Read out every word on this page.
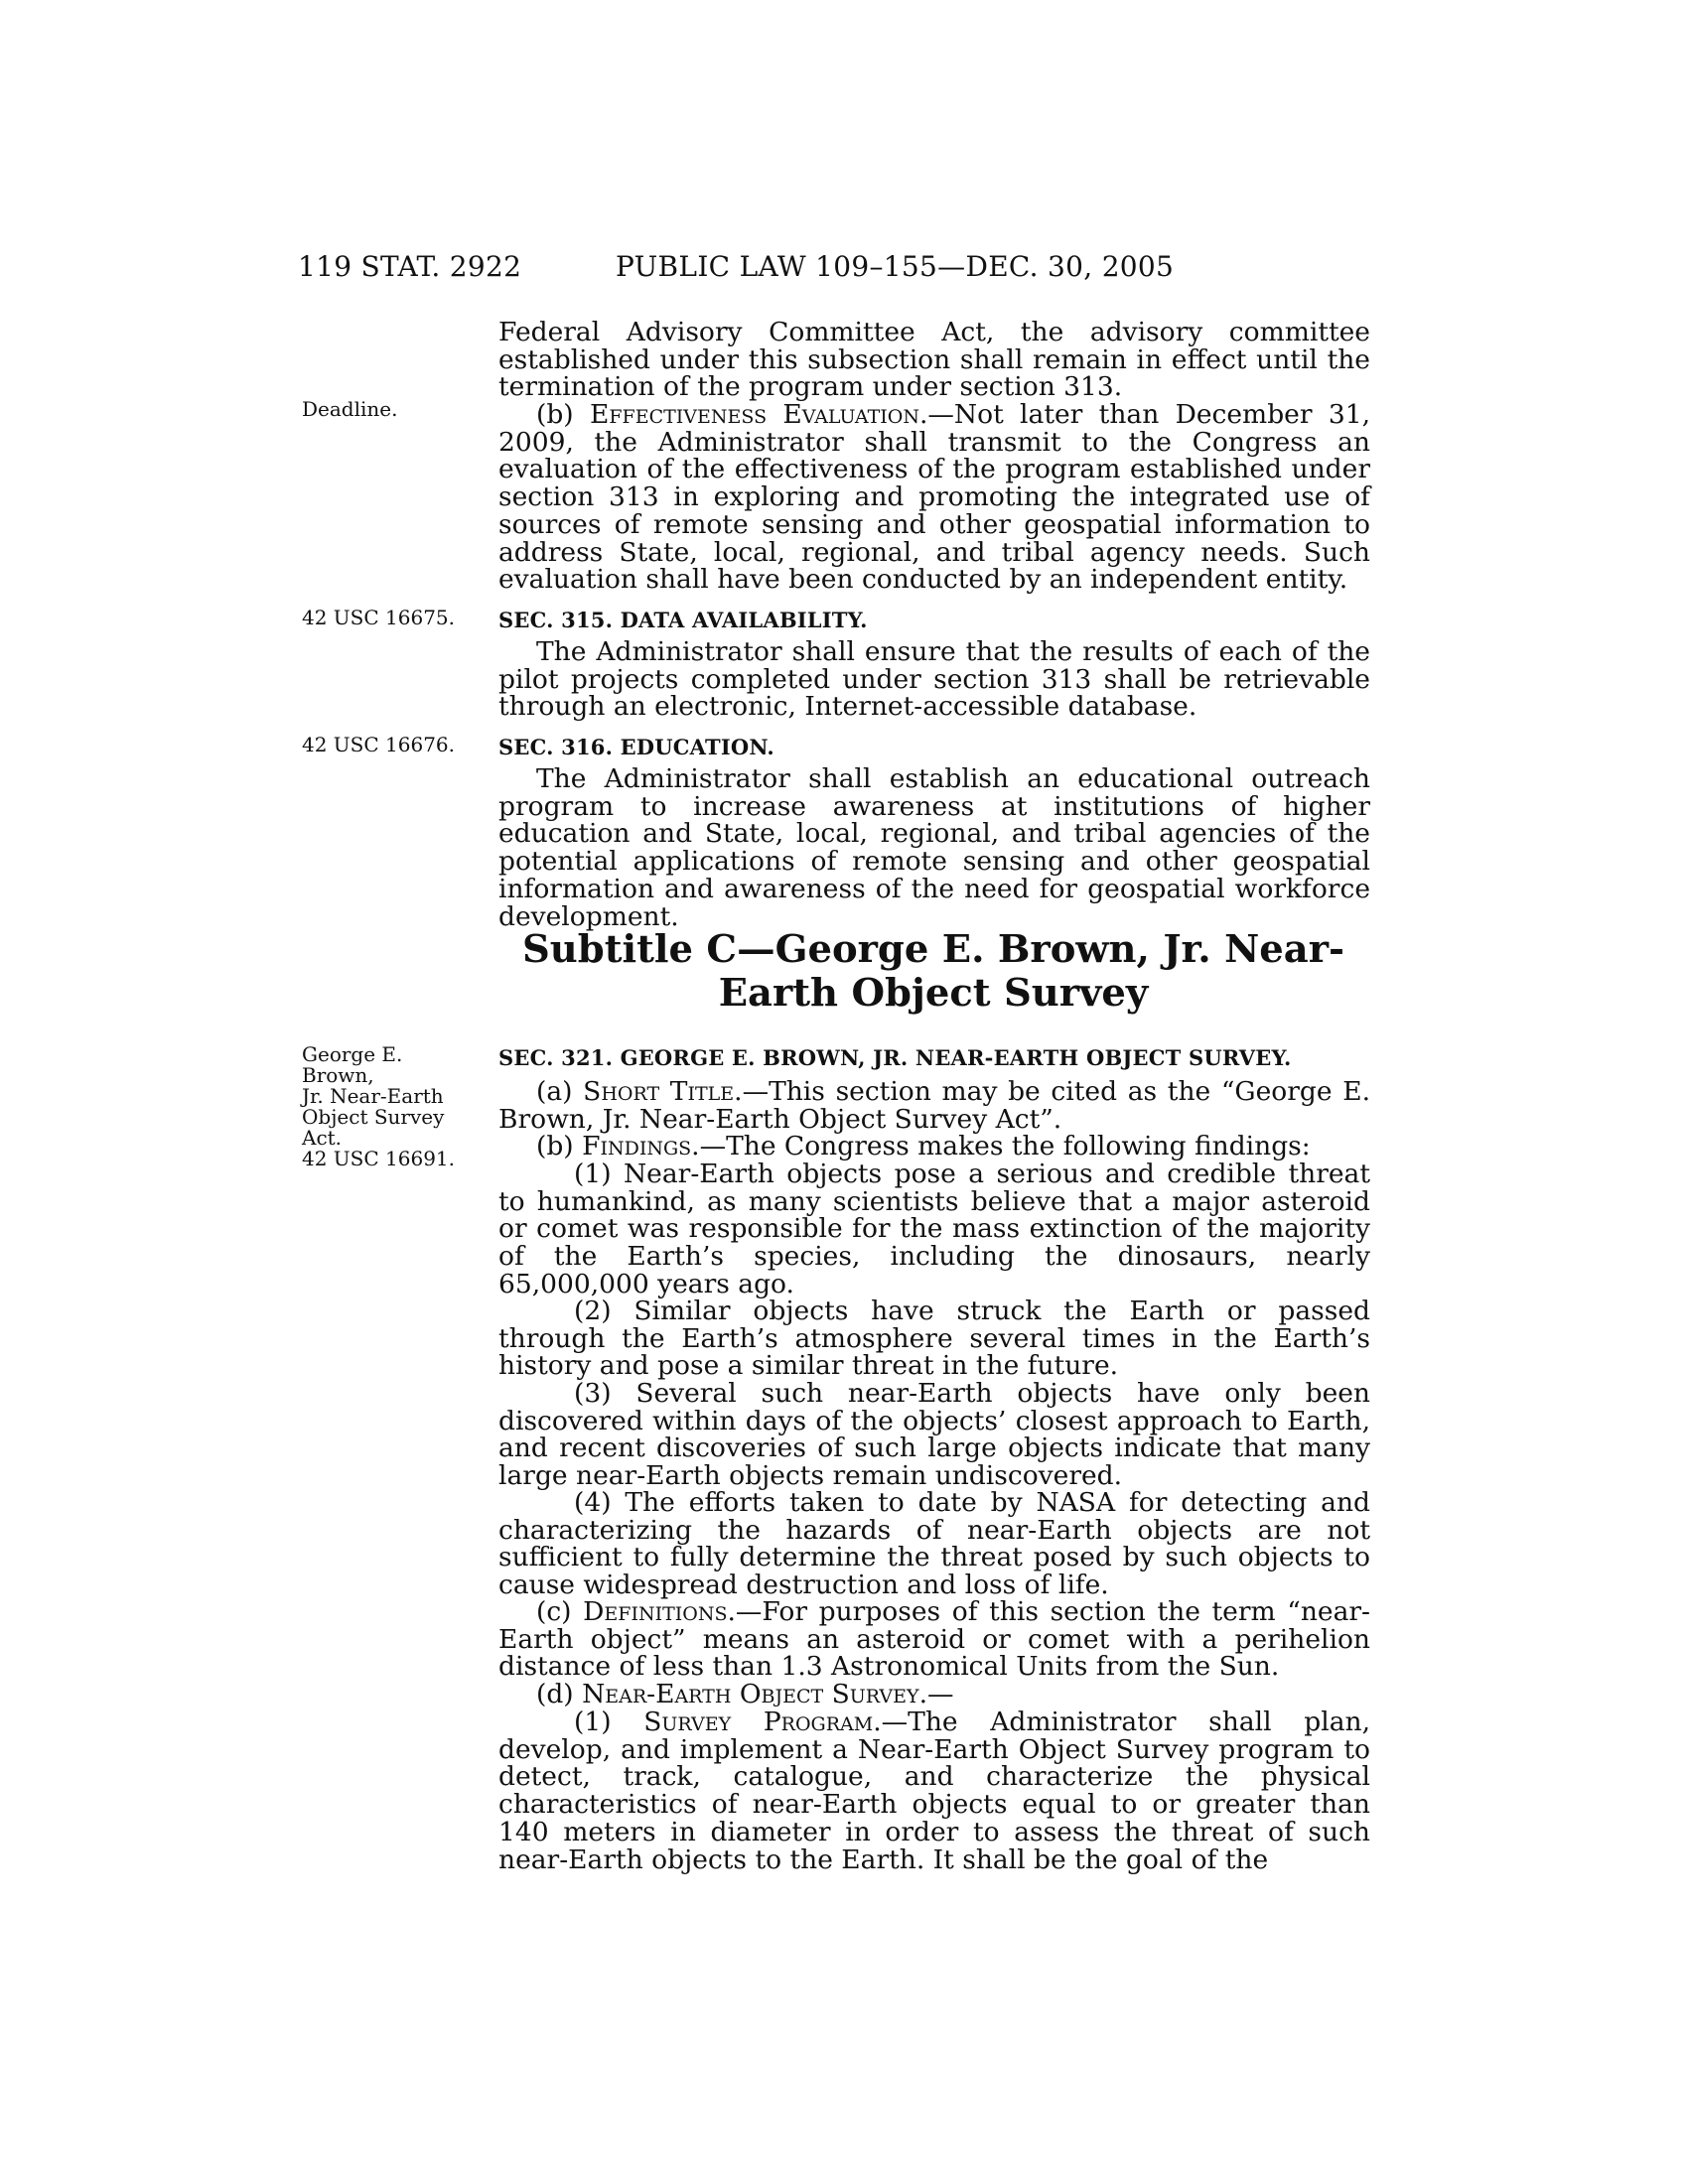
119 STAT. 2922	PUBLIC LAW 109–155—DEC. 30, 2005

Deadline.

42 USC 16675.

42 USC 16676.

George E. Brown,
Jr. Near-Earth
Object Survey
Act.
42 USC 16691.

Federal Advisory Committee Act, the advisory committee established under this subsection shall remain in effect until the termination of the program under section 313.

(b) Effectiveness Evaluation.—Not later than December 31, 2009, the Administrator shall transmit to the Congress an evaluation of the effectiveness of the program established under section 313 in exploring and promoting the integrated use of sources of remote sensing and other geospatial information to address State, local, regional, and tribal agency needs. Such evaluation shall have been conducted by an independent entity.

SEC. 315. DATA AVAILABILITY.

The Administrator shall ensure that the results of each of the pilot projects completed under section 313 shall be retrievable through an electronic, Internet-accessible database.

SEC. 316. EDUCATION.

The Administrator shall establish an educational outreach program to increase awareness at institutions of higher education and State, local, regional, and tribal agencies of the potential applications of remote sensing and other geospatial information and awareness of the need for geospatial workforce development.

Subtitle C—George E. Brown, Jr. Near-
Earth Object Survey
SEC. 321. GEORGE E. BROWN, JR. NEAR-EARTH OBJECT SURVEY.

(a) Short Title.—This section may be cited as the “George E. Brown, Jr. Near-Earth Object Survey Act”.

(b) Findings.—The Congress makes the following findings:

(1) Near-Earth objects pose a serious and credible threat to humankind, as many scientists believe that a major asteroid or comet was responsible for the mass extinction of the majority of the Earth’s species, including the dinosaurs, nearly 65,000,000 years ago.

(2) Similar objects have struck the Earth or passed through the Earth’s atmosphere several times in the Earth’s history and pose a similar threat in the future.

(3) Several such near-Earth objects have only been discovered within days of the objects’ closest approach to Earth, and recent discoveries of such large objects indicate that many large near-Earth objects remain undiscovered.

(4) The efforts taken to date by NASA for detecting and characterizing the hazards of near-Earth objects are not sufficient to fully determine the threat posed by such objects to cause widespread destruction and loss of life.

(c) Definitions.—For purposes of this section the term “near-Earth object” means an asteroid or comet with a perihelion distance of less than 1.3 Astronomical Units from the Sun.

(d) Near-Earth Object Survey.—

(1) Survey Program.—The Administrator shall plan, develop, and implement a Near-Earth Object Survey program to detect, track, catalogue, and characterize the physical characteristics of near-Earth objects equal to or greater than 140 meters in diameter in order to assess the threat of such near-Earth objects to the Earth. It shall be the goal of the
